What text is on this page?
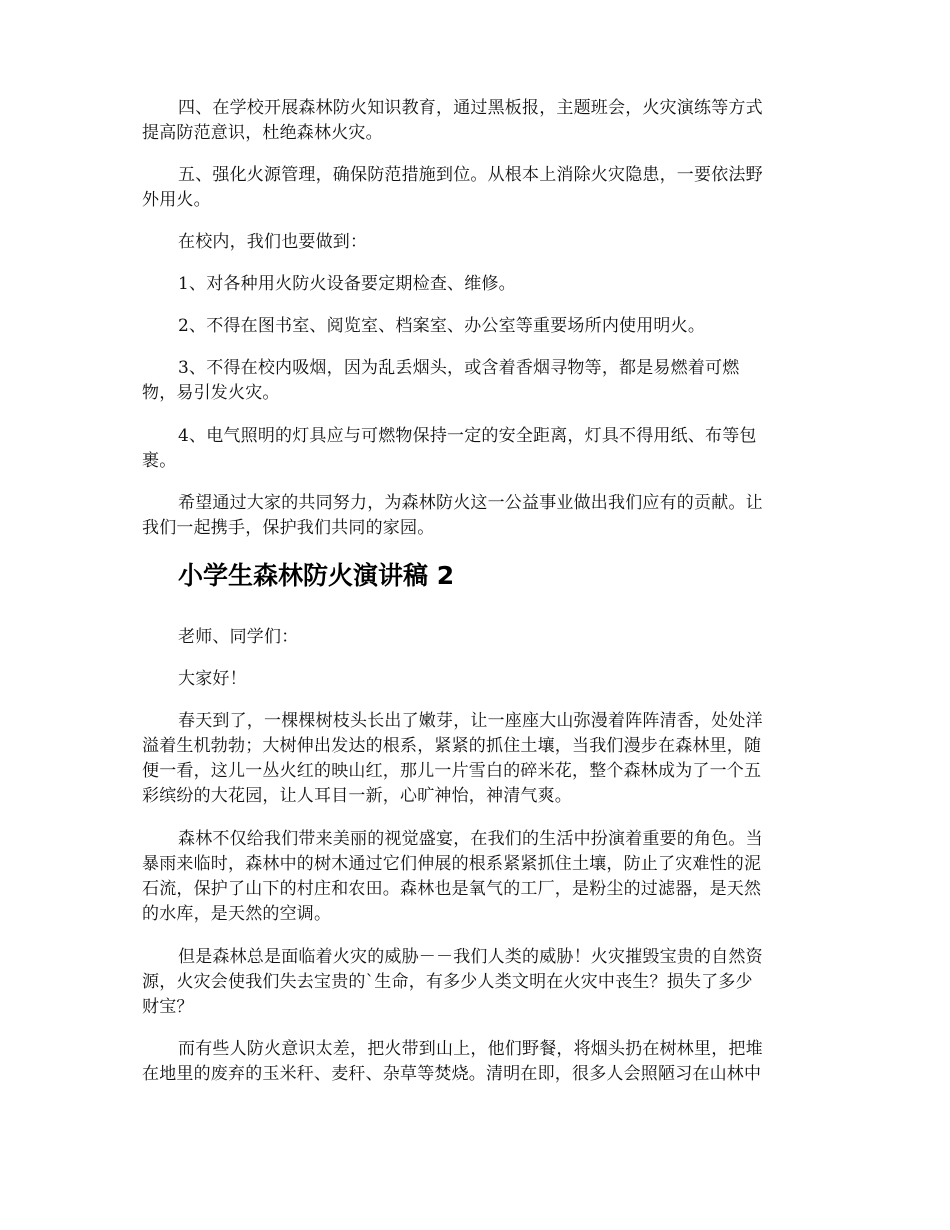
四、在学校开展森林防火知识教育，通过黑板报，主题班会，火灾演练等方式
提高防范意识，杜绝森林火灾。

五、强化火源管理，确保防范措施到位。从根本上消除火灾隐患，一要依法野
外用火。

在校内，我们也要做到：

1、对各种用火防火设备要定期检查、维修。

2、不得在图书室、阅览室、档案室、办公室等重要场所内使用明火。

3、不得在校内吸烟，因为乱丢烟头，或含着香烟寻物等，都是易燃着可燃
物，易引发火灾。

4、电气照明的灯具应与可燃物保持一定的安全距离，灯具不得用纸、布等包
裹。

希望通过大家的共同努力，为森林防火这一公益事业做出我们应有的贡献。让
我们一起携手，保护我们共同的家园。

小学生森林防火演讲稿 2

老师、同学们：

大家好！

春天到了，一棵棵树枝头长出了嫩芽，让一座座大山弥漫着阵阵清香，处处洋
溢着生机勃勃；大树伸出发达的根系，紧紧的抓住土壤，当我们漫步在森林里，随
便一看，这儿一丛火红的映山红，那儿一片雪白的碎米花，整个森林成为了一个五
彩缤纷的大花园，让人耳目一新，心旷神怡，神清气爽。

森林不仅给我们带来美丽的视觉盛宴，在我们的生活中扮演着重要的角色。当
暴雨来临时，森林中的树木通过它们伸展的根系紧紧抓住土壤，防止了灾难性的泥
石流，保护了山下的村庄和农田。森林也是氧气的工厂，是粉尘的过滤器，是天然
的水库，是天然的空调。

但是森林总是面临着火灾的威胁－－我们人类的威胁！火灾摧毁宝贵的自然资
源，火灾会使我们失去宝贵的`生命，有多少人类文明在火灾中丧生？损失了多少
财宝？

而有些人防火意识太差，把火带到山上，他们野餐，将烟头扔在树林里，把堆
在地里的废弃的玉米秆、麦秆、杂草等焚烧。清明在即，很多人会照陋习在山林中
